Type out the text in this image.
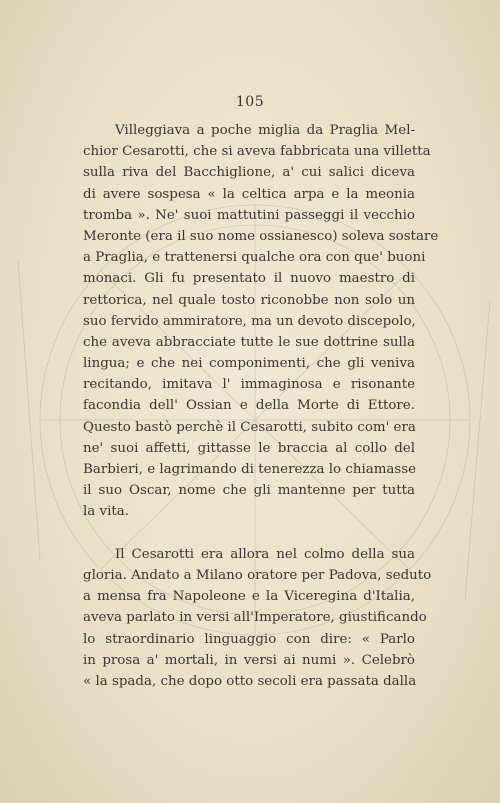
105
Villeggiava a poche miglia da Praglia Mel-
chior Cesarotti, che si aveva fabbricata una villetta
sulla riva del Bacchiglione, a' cui salici diceva
di avere sospesa « la celtica arpa e la meonia
tromba ». Ne' suoi mattutini passeggi il vecchio
Meronte (era il suo nome ossianesco) soleva sostare
a Praglia, e trattenersi qualche ora con que' buoni
monaci. Gli fu presentato il nuovo maestro di
rettorica, nel quale tosto riconobbe non solo un
suo fervido ammiratore, ma un devoto discepolo,
che aveva abbracciate tutte le sue dottrine sulla
lingua; e che nei componimenti, che gli veniva
recitando, imitava l' immaginosa e risonante
facondia dell' Ossian e della Morte di Ettore.
Questo bastò perchè il Cesarotti, subito com' era
ne' suoi affetti, gittasse le braccia al collo del
Barbieri, e lagrimando di tenerezza lo chiamasse
il suo Oscar, nome che gli mantenne per tutta
la vita.
Il Cesarotti era allora nel colmo della sua
gloria. Andato a Milano oratore per Padova, seduto
a mensa fra Napoleone e la Viceregina d'Italia,
aveva parlato in versi all'Imperatore, giustificando
lo straordinario linguaggio con dire: « Parlo
in prosa a' mortali, in versi ai numi ». Celebrò
« la spada, che dopo otto secoli era passata dalla
